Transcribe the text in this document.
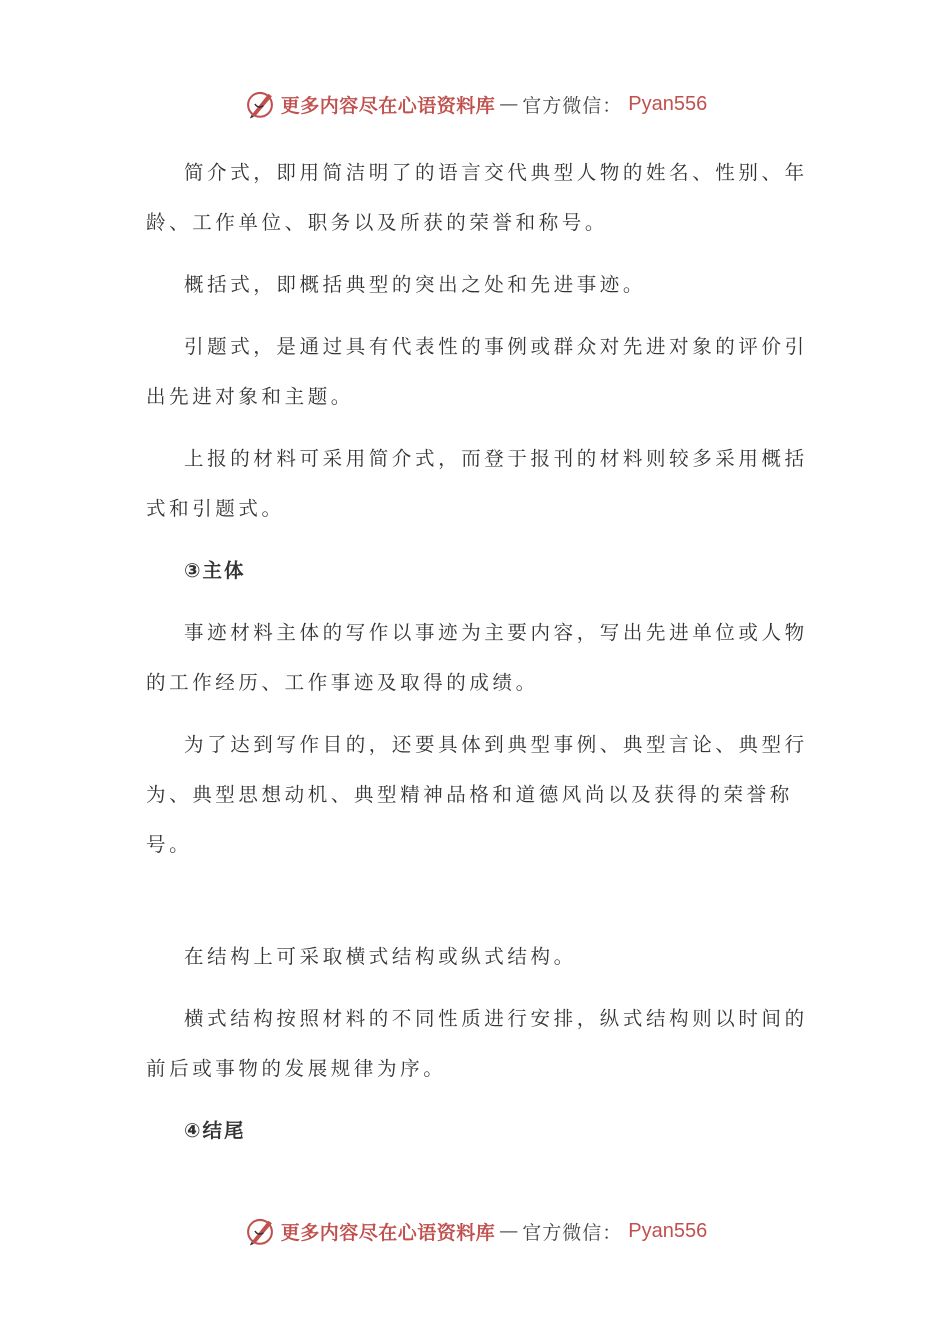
更多内容尽在心语资料库 — 官方微信： Pyan556

简介式，即用简洁明了的语言交代典型人物的姓名、性别、年龄、工作单位、职务以及所获的荣誉和称号。

概括式，即概括典型的突出之处和先进事迹。

引题式，是通过具有代表性的事例或群众对先进对象的评价引出先进对象和主题。

上报的材料可采用简介式，而登于报刊的材料则较多采用概括式和引题式。

③主体

事迹材料主体的写作以事迹为主要内容，写出先进单位或人物的工作经历、工作事迹及取得的成绩。

为了达到写作目的，还要具体到典型事例、典型言论、典型行为、典型思想动机、典型精神品格和道德风尚以及获得的荣誉称号。

在结构上可采取横式结构或纵式结构。

横式结构按照材料的不同性质进行安排，纵式结构则以时间的前后或事物的发展规律为序。

④结尾

更多内容尽在心语资料库 — 官方微信： Pyan556
